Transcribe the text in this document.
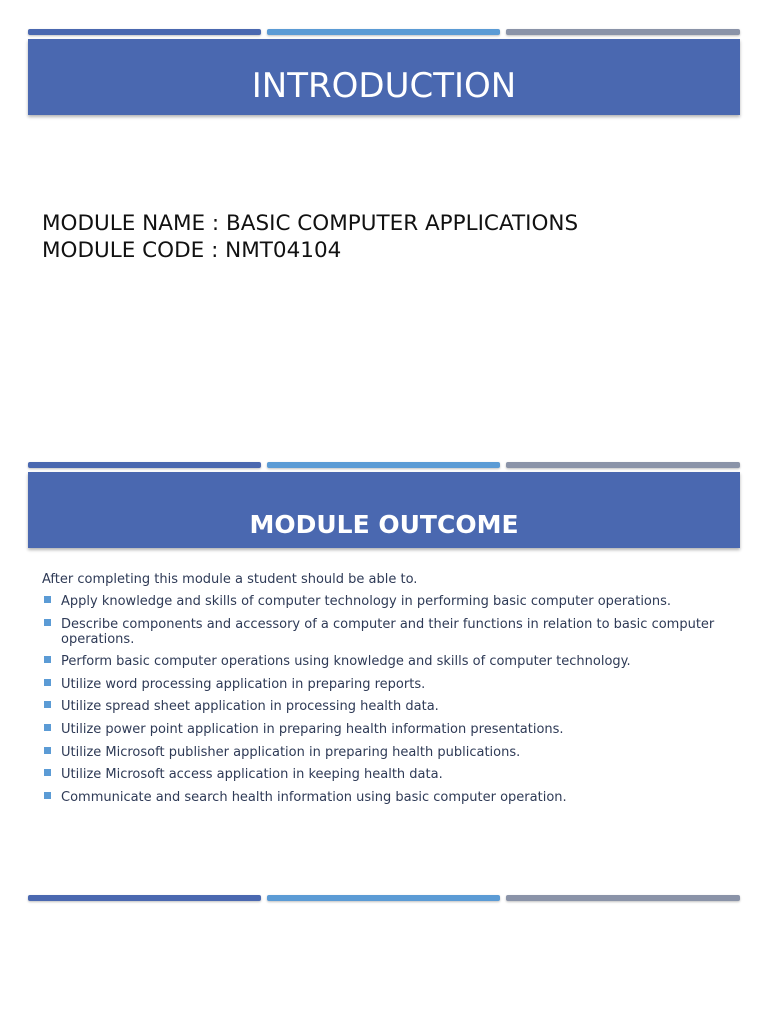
INTRODUCTION
MODULE NAME : BASIC COMPUTER APPLICATIONS
MODULE CODE : NMT04104
MODULE OUTCOME

After completing this module a student should be able to.

Apply knowledge and skills of computer technology in performing basic computer operations.
Describe components and accessory of a computer and their functions in relation to basic computer operations.
Perform basic computer operations using knowledge and skills of computer technology.
Utilize word processing application in preparing reports.
Utilize spread sheet application in processing health data.
Utilize power point application in preparing health information presentations.
Utilize Microsoft publisher application in preparing health publications.
Utilize Microsoft access application in keeping health data.
Communicate and search health information using basic computer operation.
